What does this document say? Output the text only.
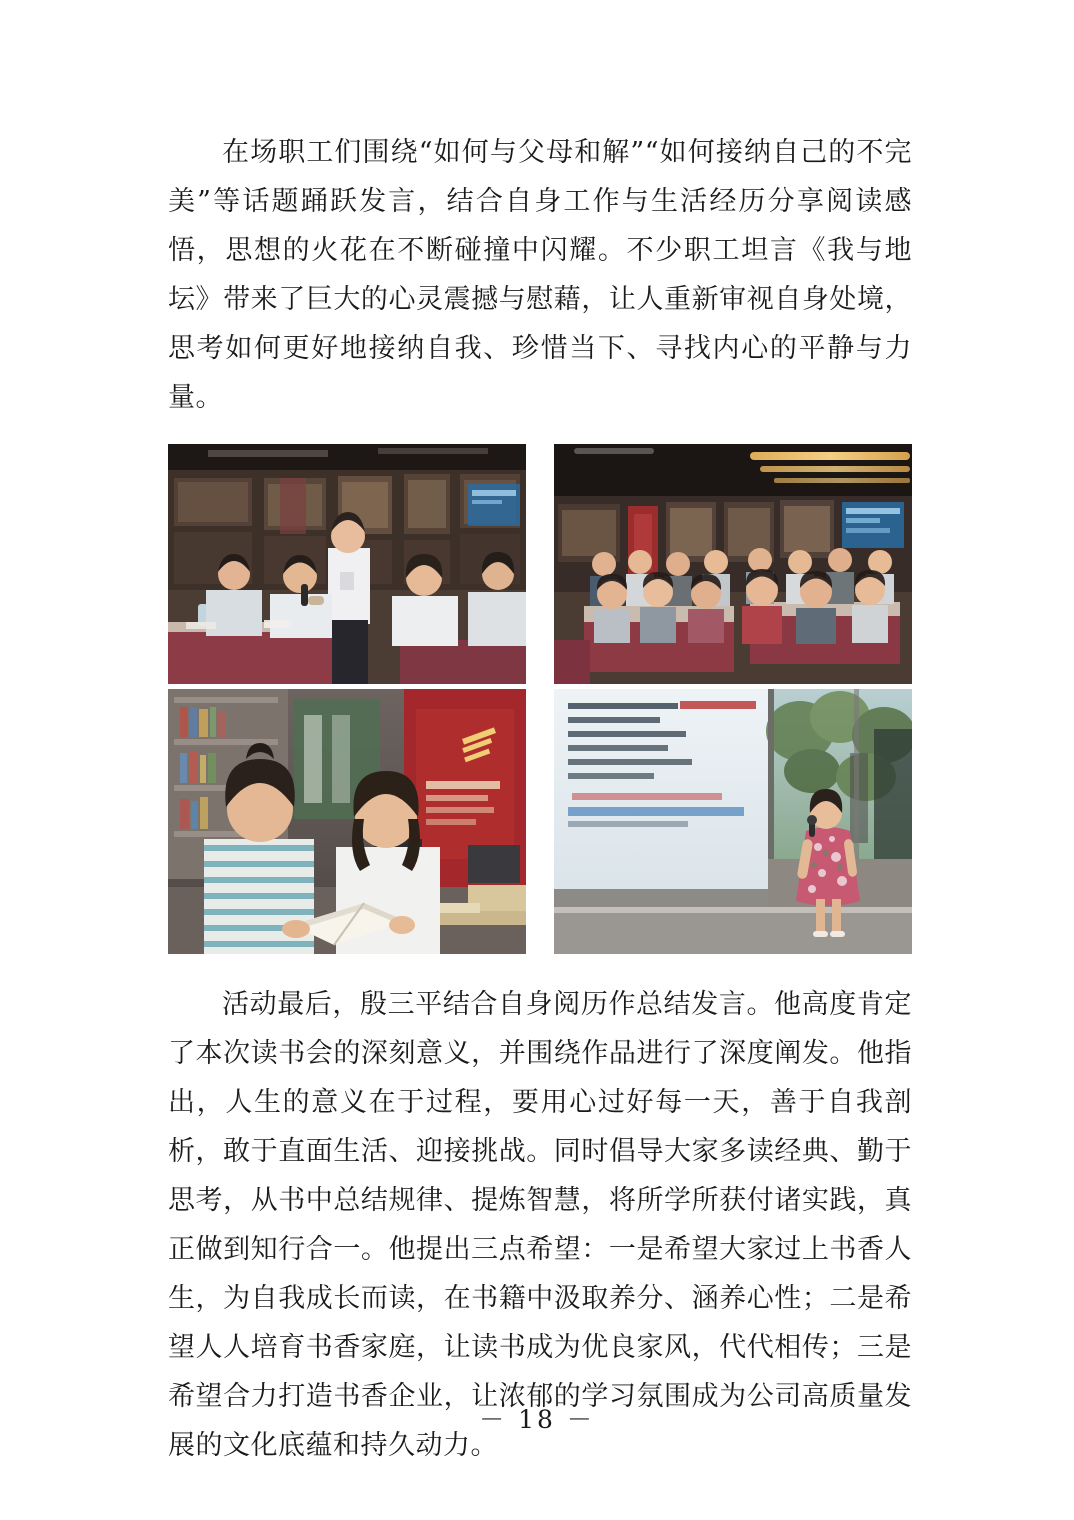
在场职工们围绕“如何与父母和解”“如何接纳自己的不完美”等话题踊跃发言，结合自身工作与生活经历分享阅读感悟，思想的火花在不断碰撞中闪耀。不少职工坦言《我与地坛》带来了巨大的心灵震撼与慰藉，让人重新审视自身处境，思考如何更好地接纳自我、珍惜当下、寻找内心的平静与力量。

活动最后，殷三平结合自身阅历作总结发言。他高度肯定了本次读书会的深刻意义，并围绕作品进行了深度阐发。他指出，人生的意义在于过程，要用心过好每一天，善于自我剖析，敢于直面生活、迎接挑战。同时倡导大家多读经典、勤于思考，从书中总结规律、提炼智慧，将所学所获付诸实践，真正做到知行合一。他提出三点希望：一是希望大家过上书香人生，为自我成长而读，在书籍中汲取养分、涵养心性；二是希望人人培育书香家庭，让读书成为优良家风，代代相传；三是希望合力打造书香企业，让浓郁的学习氛围成为公司高质量发展的文化底蕴和持久动力。

－ 18 －
